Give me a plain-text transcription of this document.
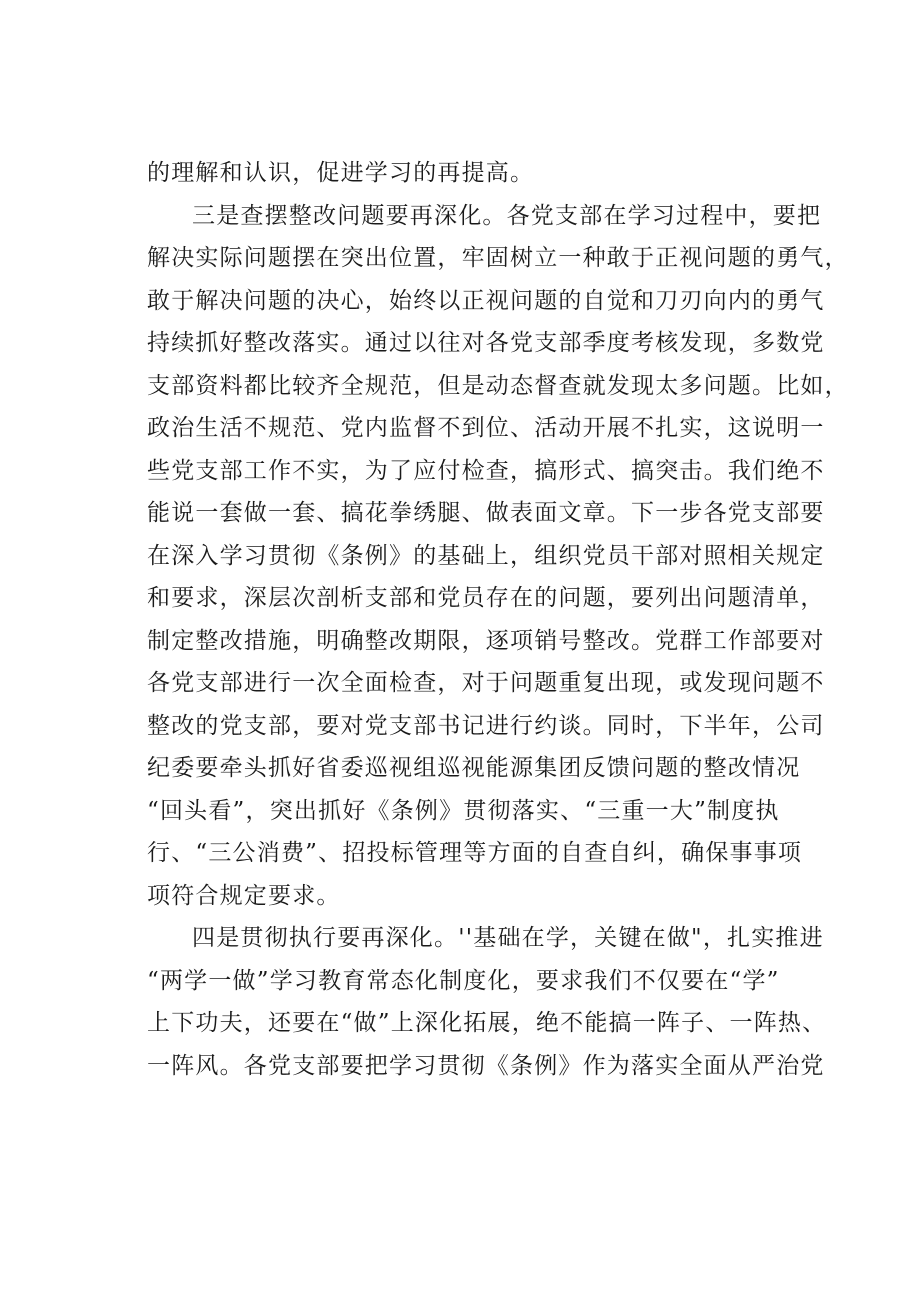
的理解和认识，促进学习的再提高。
三是查摆整改问题要再深化。各党支部在学习过程中，要把
解决实际问题摆在突出位置，牢固树立一种敢于正视问题的勇气，
敢于解决问题的决心，始终以正视问题的自觉和刀刃向内的勇气
持续抓好整改落实。通过以往对各党支部季度考核发现，多数党
支部资料都比较齐全规范，但是动态督查就发现太多问题。比如，
政治生活不规范、党内监督不到位、活动开展不扎实，这说明一
些党支部工作不实，为了应付检查，搞形式、搞突击。我们绝不
能说一套做一套、搞花拳绣腿、做表面文章。下一步各党支部要
在深入学习贯彻《条例》的基础上，组织党员干部对照相关规定
和要求，深层次剖析支部和党员存在的问题，要列出问题清单，
制定整改措施，明确整改期限，逐项销号整改。党群工作部要对
各党支部进行一次全面检查，对于问题重复出现，或发现问题不
整改的党支部，要对党支部书记进行约谈。同时，下半年，公司
纪委要牵头抓好省委巡视组巡视能源集团反馈问题的整改情况
“回头看”，突出抓好《条例》贯彻落实、“三重一大”制度执
行、“三公消费”、招投标管理等方面的自查自纠，确保事事项
项符合规定要求。
四是贯彻执行要再深化。''基础在学，关键在做"，扎实推进
“两学一做”学习教育常态化制度化，要求我们不仅要在“学”
上下功夫，还要在“做”上深化拓展，绝不能搞一阵子、一阵热、
一阵风。各党支部要把学习贯彻《条例》作为落实全面从严治党
